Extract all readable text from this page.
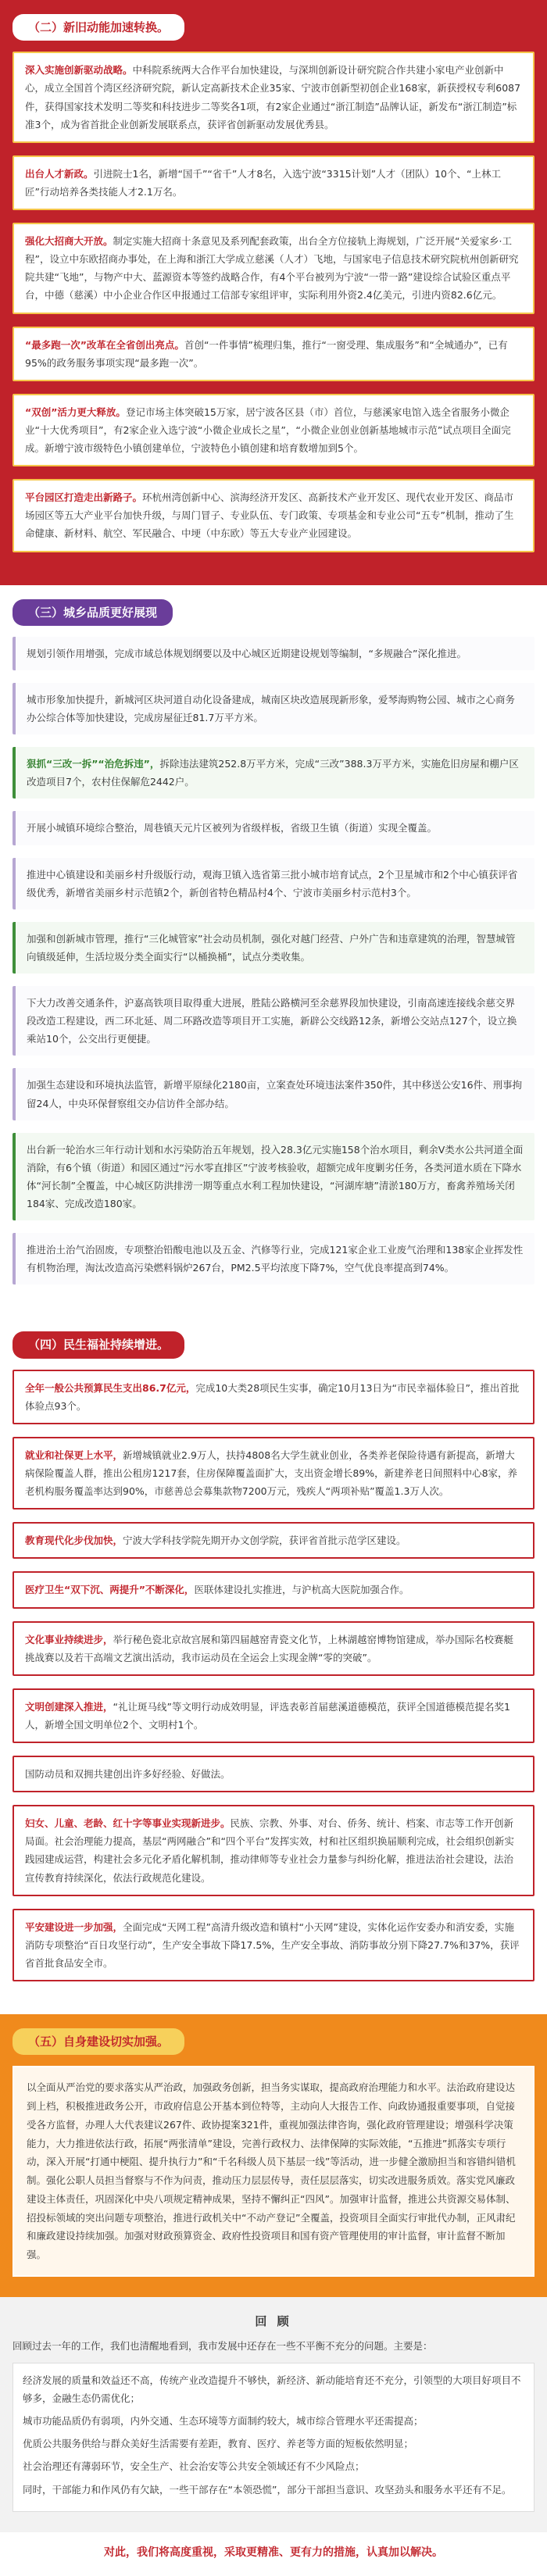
（二）新旧动能加速转换。
深入实施创新驱动战略。中科院系统两大合作平台加快建设，与深圳创新设计研究院合作共建小家电产业创新中心，成立全国首个湾区经济研究院，新认定高新技术企业35家、宁波市创新型初创企业168家，新获授权专利6087件，获得国家技术发明二等奖和科技进步二等奖各1项，有2家企业通过“浙江制造”品牌认证，新发布“浙江制造”标准3个，成为省首批企业创新发展联系点，获评省创新驱动发展优秀县。
出台人才新政。引进院士1名，新增“国千”“省千”人才8名，入选宁波“3315计划”人才（团队）10个、“上林工匠”行动培养各类技能人才2.1万名。
强化大招商大开放。制定实施大招商十条意见及系列配套政策，出台全方位接轨上海规划，广泛开展“关爱家乡·工程”，设立中东欧招商办事处，在上海和浙江大学成立慈溪（人才）飞地，与国家电子信息技术研究院杭州创新研究院共建“飞地”，与物产中大、蓝源资本等签约战略合作，有4个平台被列为宁波“一带一路”建设综合试验区重点平台，中德（慈溪）中小企业合作区申报通过工信部专家组评审，实际利用外资2.4亿美元，引进内资82.6亿元。
“最多跑一次”改革在全省创出亮点。首创“一件事情”梳理归集，推行“一窗受理、集成服务”和“全城通办”，已有95%的政务服务事项实现“最多跑一次”。
“双创”活力更大释放。登记市场主体突破15万家，居宁波各区县（市）首位，与慈溪家电馆入选全省服务小微企业“十大优秀项目”，有2家企业入选宁波“小微企业成长之星”，“小微企业创业创新基地城市示范”试点项目全面完成。新增宁波市级特色小镇创建单位，宁波特色小镇创建和培育数增加到5个。
平台园区打造走出新路子。环杭州湾创新中心、滨海经济开发区、高新技术产业开发区、现代农业开发区、商品市场园区等五大产业平台加快升级，与周门冒子、专业队伍、专门政策、专项基金和专业公司“五专”机制，推动了生命健康、新材料、航空、军民融合、中埂（中东欧）等五大专业产业园建设。
（三）城乡品质更好展现
规划引领作用增强，完成市域总体规划纲要以及中心城区近期建设规划等编制，“多规融合”深化推进。
城市形象加快提升，新城河区块河道自动化设备建成，城南区块改造展现新形象，爱琴海购物公园、城市之心商务办公综合体等加快建设，完成房屋征迁81.7万平方米。
狠抓“三改一拆”“治危拆违”，拆除违法建筑252.8万平方米，完成“三改”388.3万平方米，实施危旧房屋和棚户区改造项目7个，农村住保解危2442户。
开展小城镇环境综合整治，周巷镇天元片区被列为省级样板，省级卫生镇（街道）实现全覆盖。
推进中心镇建设和美丽乡村升级版行动，观海卫镇入选省第三批小城市培育试点，2个卫星城市和2个中心镇获评省级优秀，新增省美丽乡村示范镇2个，新创省特色精品村4个、宁波市美丽乡村示范村3个。
加强和创新城市管理，推行“三化城管家”社会动员机制，强化对越门经营、户外广告和违章建筑的治理，智慧城管向镇级延伸，生活垃圾分类全面实行“以桶换桶”，试点分类收集。
下大力改善交通条件，沪嘉高铁项目取得重大进展，胜陆公路横河至余慈界段加快建设，引南高速连接线余慈交界段改造工程建设，西二环北延、周二环路改造等项目开工实施，新辟公交线路12条，新增公交站点127个，设立换乘站10个，公交出行更便捷。
加强生态建设和环境执法监管，新增平原绿化2180亩，立案查处环境违法案件350件，其中移送公安16件、刑事拘留24人，中央环保督察组交办信访件全部办结。
出台新一轮治水三年行动计划和水污染防治五年规划，投入28.3亿元实施158个治水项目，剩余V类水公共河道全面消除，有6个镇（街道）和园区通过“污水零直排区”宁波考核验收，超额完成年度剿劣任务，各类河道水质在下降水体“河长制”全覆盖，中心城区防洪排涝一期等重点水利工程加快建设，“河湖库塘”清淤180万方，畜禽养殖场关闭184家、完成改造180家。
推进治土治气治固废，专项整治铅酸电池以及五金、汽修等行业，完成121家企业工业废气治理和138家企业挥发性有机物治理，淘汰改造高污染燃料锅炉267台，PM2.5平均浓度下降7%，空气优良率提高到74%。
（四）民生福祉持续增进。
全年一般公共预算民生支出86.7亿元，完成10大类28项民生实事，确定10月13日为“市民幸福体验日”，推出首批体验点93个。
就业和社保更上水平，新增城镇就业2.9万人，扶持4808名大学生就业创业，各类养老保险待遇有新提高，新增大病保险覆盖人群，推出公租房1217套，住房保障覆盖面扩大，支出资金增长89%，新建养老日间照料中心8家，养老机构服务覆盖率达到90%，市慈善总会募集款物7200万元，残疾人“两项补贴”覆盖1.3万人次。
教育现代化步伐加快，宁波大学科技学院先期开办文创学院，获评省首批示范学区建设。
医疗卫生“双下沉、两提升”不断深化，医联体建设扎实推进，与沪杭高大医院加强合作。
文化事业持续进步，举行秘色瓷北京故宫展和第四届越窑青瓷文化节，上林湖越窑博物馆建成，举办国际名校赛艇挑战赛以及若干高端文艺演出活动，我市运动员在全运会上实现金牌“零的突破”。
文明创建深入推进，“礼让斑马线”等文明行动成效明显，评选表彰首届慈溪道德模范，获评全国道德模范提名奖1人，新增全国文明单位2个、文明村1个。
国防动员和双拥共建创出许多好经验、好做法。
妇女、儿童、老龄、红十字等事业实现新进步。民族、宗教、外事、对台、侨务、统计、档案、市志等工作开创新局面。社会治理能力提高，基层“两网融合”和“四个平台”发挥实效，村和社区组织换届顺利完成，社会组织创新实践园建成运营，构建社会多元化矛盾化解机制，推动律师等专业社会力量参与纠纷化解，推进法治社会建设，法治宣传教育持续深化，依法行政规范化建设。
平安建设进一步加强，全面完成“天网工程”高清升级改造和镇村“小天网”建设，实体化运作安委办和消安委，实施消防专项整治“百日攻坚行动”，生产安全事故下降17.5%，生产安全事故、消防事故分别下降27.7%和37%，获评省首批食品安全市。
（五）自身建设切实加强。
以全面从严治党的要求落实从严治政，加强政务创新，担当务实谋取，提高政府治理能力和水平。法治政府建设达到上档，积极推进政务公开，市政府信息公开基本到位特等，主动向人大报告工作、向政协通报重要事项，自觉接受各方监督，办理人大代表建议267件、政协提案321件，重视加强法律咨询，强化政府管理建设；增强科学决策能力，大力推进依法行政，拓展“两张清单”建设，完善行政权力、法律保障的实际效能，“五推进”抓落实专项行动，深入开展“打通中梗阻、提升执行力”和“千名科级人员下基层一线”等活动，进一步健全激励担当和容错纠错机制。强化公职人员担当督察与不作为问责，推动压力层层传导，责任层层落实，切实改进服务质效。落实党风廉政建设主体责任，巩固深化中央八项规定精神成果，坚持不懈纠正“四风”。加强审计监督，推进公共资源交易体制、招投标领域的突出问题专项整治，推进行政机关中“不动产登记”全覆盖，投资项目全面实行审批代办制，正风肃纪和廉政建设持续加强。加强对财政预算资金、政府性投资项目和国有资产管理使用的审计监督，审计监督不断加强。
回 顾
回顾过去一年的工作，我们也清醒地看到，我市发展中还存在一些不平衡不充分的问题。主要是：

经济发展的质量和效益还不高，传统产业改造提升不够快，新经济、新动能培育还不充分，引领型的大项目好项目不够多，金融生态仍需优化；

城市功能品质仍有弱项，内外交通、生态环境等方面制约较大，城市综合管理水平还需提高；

优质公共服务供给与群众美好生活需要有差距，教育、医疗、养老等方面的短板依然明显；

社会治理还有薄弱环节，安全生产、社会治安等公共安全领域还有不少风险点；

同时，干部能力和作风仍有欠缺，一些干部存在“本领恐慌”，部分干部担当意识、攻坚劲头和服务水平还有不足。

对此，我们将高度重视，采取更精准、更有力的措施，认真加以解决。
